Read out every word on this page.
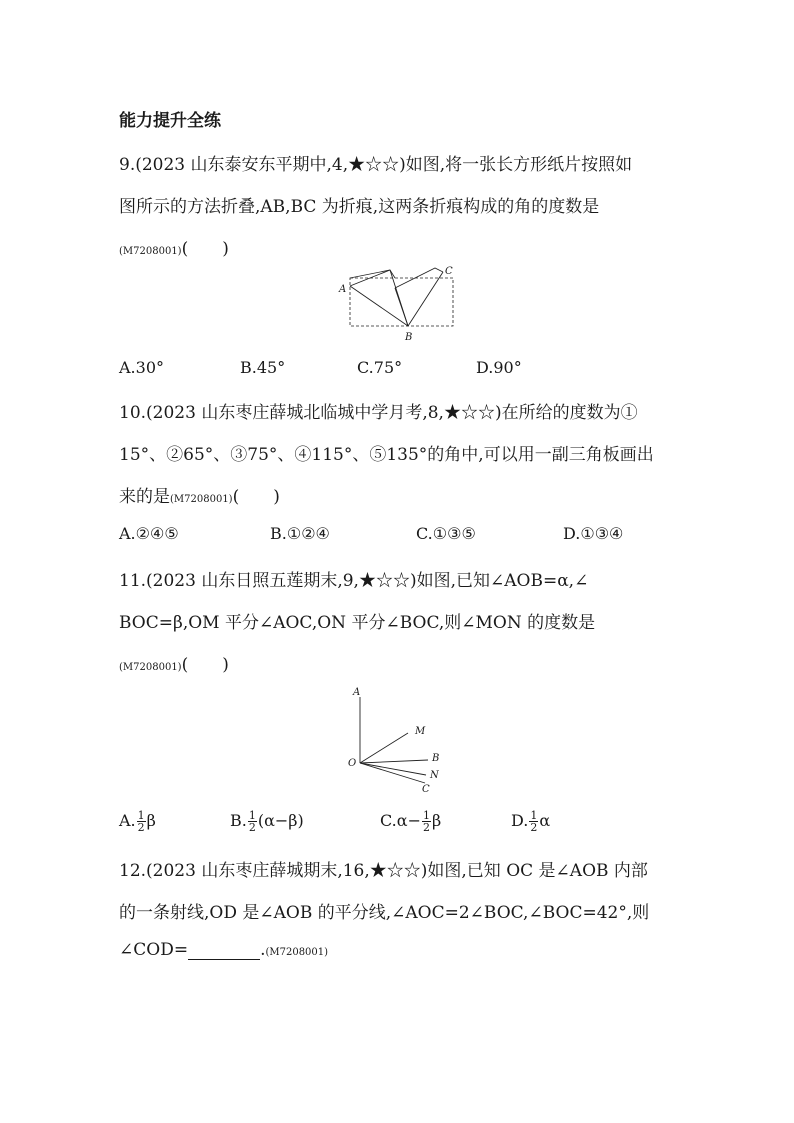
能力提升全练
9.(2023 山东泰安东平期中,4,★☆☆)如图,将一张长方形纸片按照如
图所示的方法折叠,AB,BC 为折痕,这两条折痕构成的角的度数是
(M7208001)(　　)
A
B
C
A.30°	B.45°	C.75°	D.90°
10.(2023 山东枣庄薛城北临城中学月考,8,★☆☆)在所给的度数为①
15°、②65°、③75°、④115°、⑤135°的角中,可以用一副三角板画出
来的是(M7208001)(　　)
A.②④⑤	B.①②④	C.①③⑤	D.①③④
11.(2023 山东日照五莲期末,9,★☆☆)如图,已知∠AOB=α,∠
BOC=β,OM 平分∠AOC,ON 平分∠BOC,则∠MON 的度数是
(M7208001)(　　)
A
M
B
O
N
C
A. $\frac{1}{2}$ β	B. $\frac{1}{2} (\alpha-\beta)$	$C.\alpha- \frac{1}{2}$ β	D. $\frac{1}{2}$ α
12.(2023 山东枣庄薛城期末,16,★☆☆)如图,已知 OC 是∠AOB 内部
的一条射线,OD 是∠AOB 的平分线,∠AOC=2∠BOC,∠BOC=42°,则
∠COD=	.(M7208001)
